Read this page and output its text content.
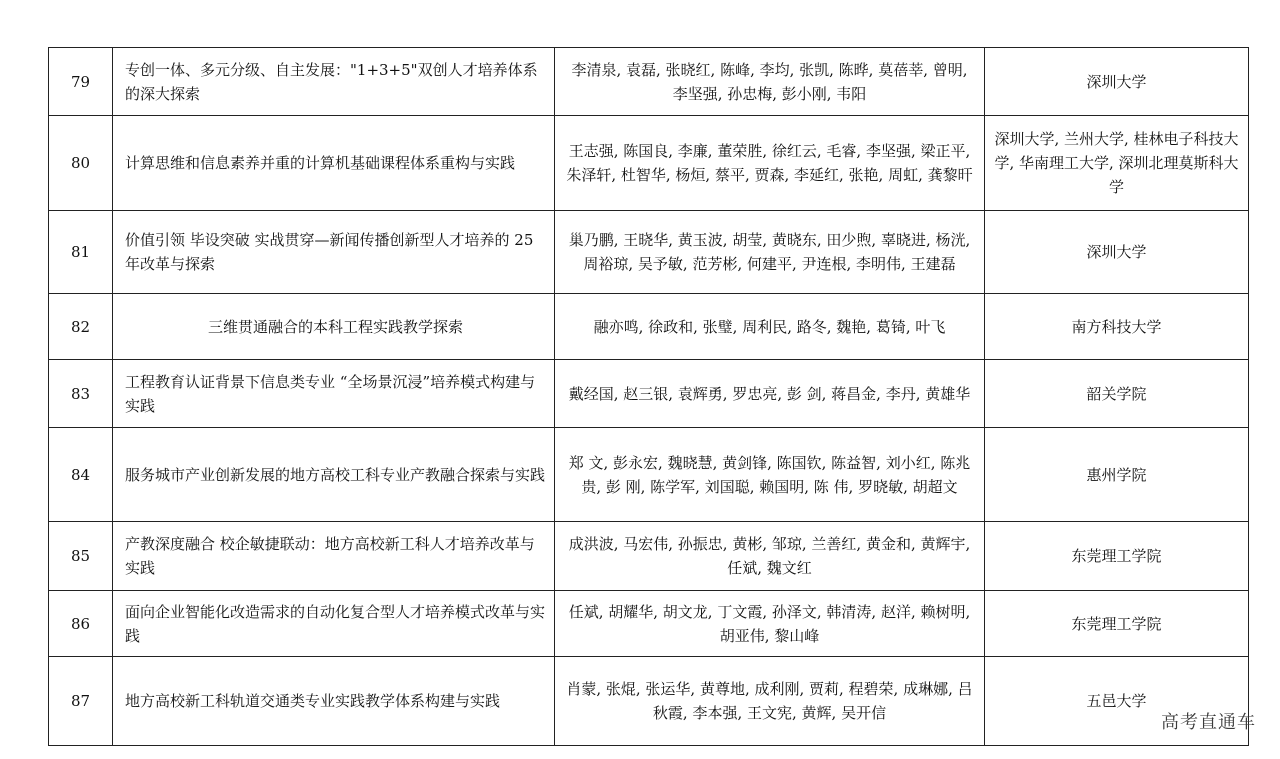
79	专创一体、多元分级、自主发展："1+3+5"双创人才培养体系的深大探索	李清泉, 袁磊, 张晓红, 陈峰, 李均, 张凯, 陈晔, 莫蓓莘, 曾明, 李坚强, 孙忠梅, 彭小刚, 韦阳	深圳大学
80	计算思维和信息素养并重的计算机基础课程体系重构与实践	王志强, 陈国良, 李廉, 董荣胜, 徐红云, 毛睿, 李坚强, 梁正平, 朱泽轩, 杜智华, 杨烜, 蔡平, 贾森, 李延红, 张艳, 周虹, 龚黎旰	深圳大学, 兰州大学, 桂林电子科技大学, 华南理工大学, 深圳北理莫斯科大学
81	价值引领 毕设突破 实战贯穿—新闻传播创新型人才培养的 25 年改革与探索	巢乃鹏, 王晓华, 黄玉波, 胡莹, 黄晓东, 田少煦, 辜晓进, 杨洸, 周裕琼, 吴予敏, 范芳彬, 何建平, 尹连根, 李明伟, 王建磊	深圳大学
82	三维贯通融合的本科工程实践教学探索	融亦鸣, 徐政和, 张璧, 周利民, 路冬, 魏艳, 葛锜, 叶飞	南方科技大学
83	工程教育认证背景下信息类专业 “全场景沉浸”培养模式构建与实践	戴经国, 赵三银, 袁辉勇, 罗忠亮, 彭 剑, 蒋昌金, 李丹, 黄雄华	韶关学院
84	服务城市产业创新发展的地方高校工科专业产教融合探索与实践	郑 文, 彭永宏, 魏晓慧, 黄剑锋, 陈国钦, 陈益智, 刘小红, 陈兆贵, 彭 刚, 陈学军, 刘国聪, 赖国明, 陈 伟, 罗晓敏, 胡超文	惠州学院
85	产教深度融合 校企敏捷联动：地方高校新工科人才培养改革与实践	成洪波, 马宏伟, 孙振忠, 黄彬, 邹琼, 兰善红, 黄金和, 黄辉宇, 任斌, 魏文红	东莞理工学院
86	面向企业智能化改造需求的自动化复合型人才培养模式改革与实践	任斌, 胡耀华, 胡文龙, 丁文霞, 孙泽文, 韩清涛, 赵洋, 赖树明, 胡亚伟, 黎山峰	东莞理工学院
87	地方高校新工科轨道交通类专业实践教学体系构建与实践	肖蒙, 张焜, 张运华, 黄尊地, 成利刚, 贾莉, 程碧荣, 成琳娜, 吕秋霞, 李本强, 王文宪, 黄辉, 吴开信	五邑大学
高考直通车
